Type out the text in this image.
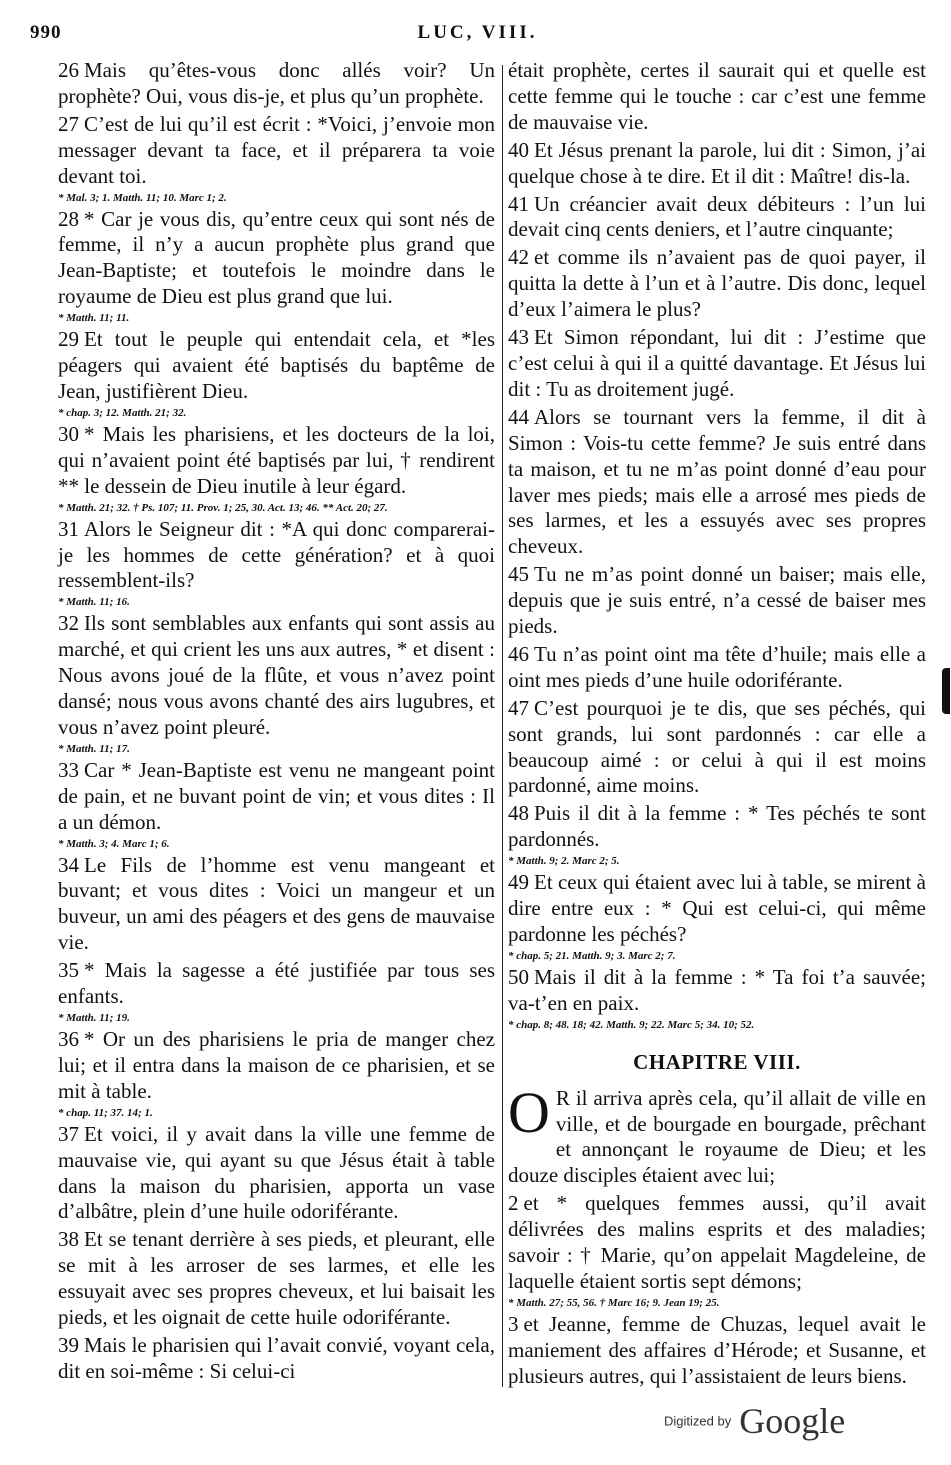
990	LUC, VIII.

26 Mais qu’êtes-vous donc allés voir? Un prophète? Oui, vous dis-je, et plus qu’un prophète.

27 C’est de lui qu’il est écrit : *Voici, j’envoie mon messager devant ta face, et il préparera ta voie devant toi.
* Mal. 3; 1. Matth. 11; 10. Marc 1; 2.

28 * Car je vous dis, qu’entre ceux qui sont nés de femme, il n’y a aucun prophète plus grand que Jean-Baptiste; et toutefois le moindre dans le royaume de Dieu est plus grand que lui.
* Matth. 11; 11.

29 Et tout le peuple qui entendait cela, et *les péagers qui avaient été baptisés du baptême de Jean, justifièrent Dieu.
* chap. 3; 12. Matth. 21; 32.

30 * Mais les pharisiens, et les docteurs de la loi, qui n’avaient point été baptisés par lui, † rendirent ** le dessein de Dieu inutile à leur égard.
* Matth. 21; 32. † Ps. 107; 11. Prov. 1; 25, 30. Act. 13; 46. ** Act. 20; 27.

31 Alors le Seigneur dit : *A qui donc comparerai-je les hommes de cette génération? et à quoi ressemblent-ils?
* Matth. 11; 16.

32 Ils sont semblables aux enfants qui sont assis au marché, et qui crient les uns aux autres, * et disent : Nous avons joué de la flûte, et vous n’avez point dansé; nous vous avons chanté des airs lugubres, et vous n’avez point pleuré.
* Matth. 11; 17.

33 Car * Jean-Baptiste est venu ne mangeant point de pain, et ne buvant point de vin; et vous dites : Il a un démon.
* Matth. 3; 4. Marc 1; 6.

34 Le Fils de l’homme est venu mangeant et buvant; et vous dites : Voici un mangeur et un buveur, un ami des péagers et des gens de mauvaise vie.

35 * Mais la sagesse a été justifiée par tous ses enfants.
* Matth. 11; 19.

36 * Or un des pharisiens le pria de manger chez lui; et il entra dans la maison de ce pharisien, et se mit à table.
* chap. 11; 37. 14; 1.

37 Et voici, il y avait dans la ville une femme de mauvaise vie, qui ayant su que Jésus était à table dans la maison du pharisien, apporta un vase d’albâtre, plein d’une huile odoriférante.

38 Et se tenant derrière à ses pieds, et pleurant, elle se mit à les arroser de ses larmes, et elle les essuyait avec ses propres cheveux, et lui baisait les pieds, et les oignait de cette huile odoriférante.

39 Mais le pharisien qui l’avait convié, voyant cela, dit en soi-même : Si celui-ci

était prophète, certes il saurait qui et quelle est cette femme qui le touche : car c’est une femme de mauvaise vie.

40 Et Jésus prenant la parole, lui dit : Simon, j’ai quelque chose à te dire. Et il dit : Maître! dis-la.

41 Un créancier avait deux débiteurs : l’un lui devait cinq cents deniers, et l’autre cinquante;

42 et comme ils n’avaient pas de quoi payer, il quitta la dette à l’un et à l’autre. Dis donc, lequel d’eux l’aimera le plus?

43 Et Simon répondant, lui dit : J’estime que c’est celui à qui il a quitté davantage. Et Jésus lui dit : Tu as droitement jugé.

44 Alors se tournant vers la femme, il dit à Simon : Vois-tu cette femme? Je suis entré dans ta maison, et tu ne m’as point donné d’eau pour laver mes pieds; mais elle a arrosé mes pieds de ses larmes, et les a essuyés avec ses propres cheveux.

45 Tu ne m’as point donné un baiser; mais elle, depuis que je suis entré, n’a cessé de baiser mes pieds.

46 Tu n’as point oint ma tête d’huile; mais elle a oint mes pieds d’une huile odoriférante.

47 C’est pourquoi je te dis, que ses péchés, qui sont grands, lui sont pardonnés : car elle a beaucoup aimé : or celui à qui il est moins pardonné, aime moins.

48 Puis il dit à la femme : * Tes péchés te sont pardonnés.
* Matth. 9; 2. Marc 2; 5.

49 Et ceux qui étaient avec lui à table, se mirent à dire entre eux : * Qui est celui-ci, qui même pardonne les péchés?
* chap. 5; 21. Matth. 9; 3. Marc 2; 7.

50 Mais il dit à la femme : * Ta foi t’a sauvée; va-t’en en paix.
* chap. 8; 48. 18; 42. Matth. 9; 22. Marc 5; 34. 10; 52.

CHAPITRE VIII.
O R il arriva après cela, qu’il allait de ville en ville, et de bourgade en bourgade, prêchant et annonçant le royaume de Dieu; et les douze disciples étaient avec lui;

2 et * quelques femmes aussi, qu’il avait délivrées des malins esprits et des maladies; savoir : † Marie, qu’on appelait Magdeleine, de laquelle étaient sortis sept démons;
* Matth. 27; 55, 56. † Marc 16; 9. Jean 19; 25.

3 et Jeanne, femme de Chuzas, lequel avait le maniement des affaires d’Hérode; et Susanne, et plusieurs autres, qui l’assistaient de leurs biens.

Digitized by Google
